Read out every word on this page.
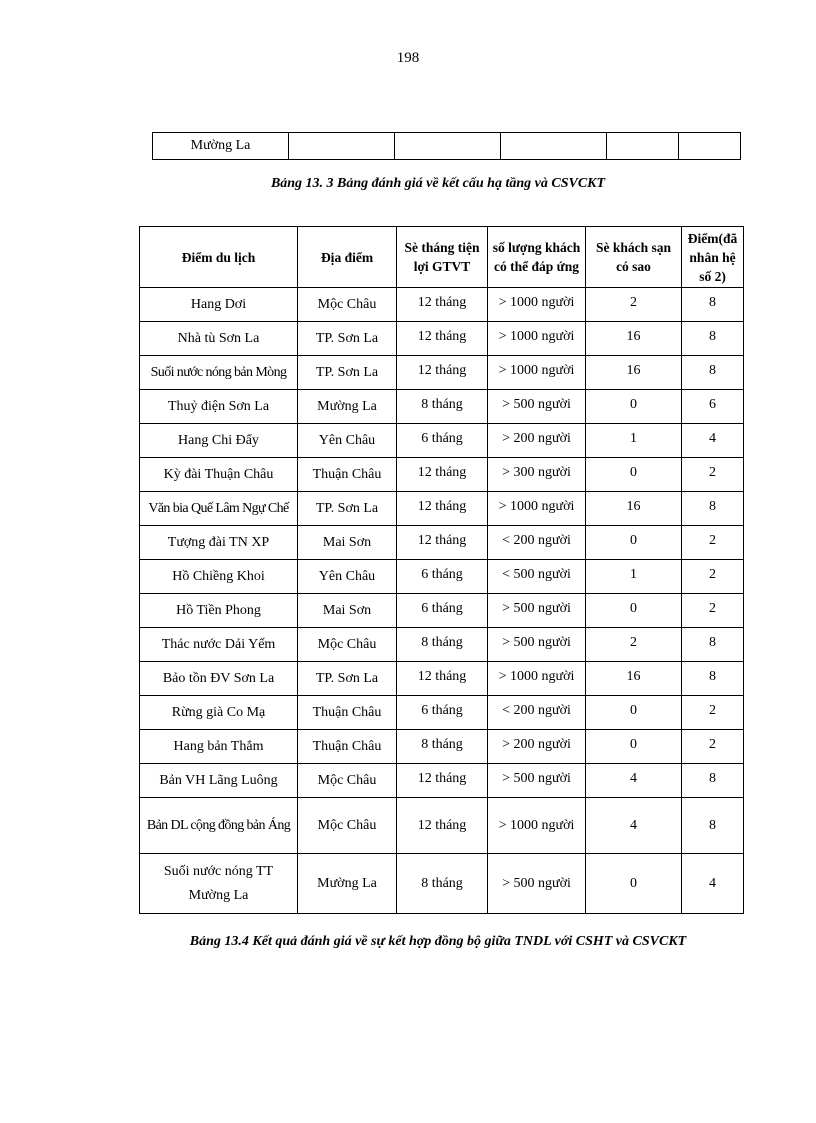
198
Mường La					
Bảng 13. 3 Bảng đánh giá về kết cấu hạ tầng và CSVCKT
Điểm du lịch	Địa điểm	Sè tháng tiện lợi GTVT	số lượng khách có thể đáp ứng	Sè khách sạn có sao	Điểm(đã nhân hệ số 2)
Hang Dơi	Mộc Châu	12 tháng	> 1000 người	2	8
Nhà tù Sơn La	TP. Sơn La	12 tháng	> 1000 người	16	8
Suối nước nóng bản Mòng	TP. Sơn La	12 tháng	> 1000 người	16	8
Thuỷ điện Sơn La	Mường La	8 tháng	> 500 người	0	6
Hang Chi Đẩy	Yên Châu	6 tháng	> 200 người	1	4
Kỳ đài Thuận Châu	Thuận Châu	12 tháng	> 300 người	0	2
Văn bia Quế Lâm Ngự Chế	TP. Sơn La	12 tháng	> 1000 người	16	8
Tượng đài TN XP	Mai Sơn	12 tháng	< 200 người	0	2
Hồ Chiềng Khoi	Yên Châu	6 tháng	< 500 người	1	2
Hồ Tiền Phong	Mai Sơn	6 tháng	> 500 người	0	2
Thác nước Dải Yếm	Mộc Châu	8 tháng	> 500 người	2	8
Bảo tồn ĐV Sơn La	TP. Sơn La	12 tháng	> 1000 người	16	8
Rừng già Co Mạ	Thuận Châu	6 tháng	< 200 người	0	2
Hang bản Thẳm	Thuận Châu	8 tháng	> 200 người	0	2
Bản VH Lãng Luông	Mộc Châu	12 tháng	> 500 người	4	8
Bản DL cộng đồng bản Áng	Mộc Châu	12 tháng	> 1000 người	4	8
Suối nước nóng TT Mường La	Mường La	8 tháng	> 500 người	0	4
Bảng 13.4 Kết quả đánh giá về sự kết hợp đồng bộ giữa TNDL với CSHT và CSVCKT
